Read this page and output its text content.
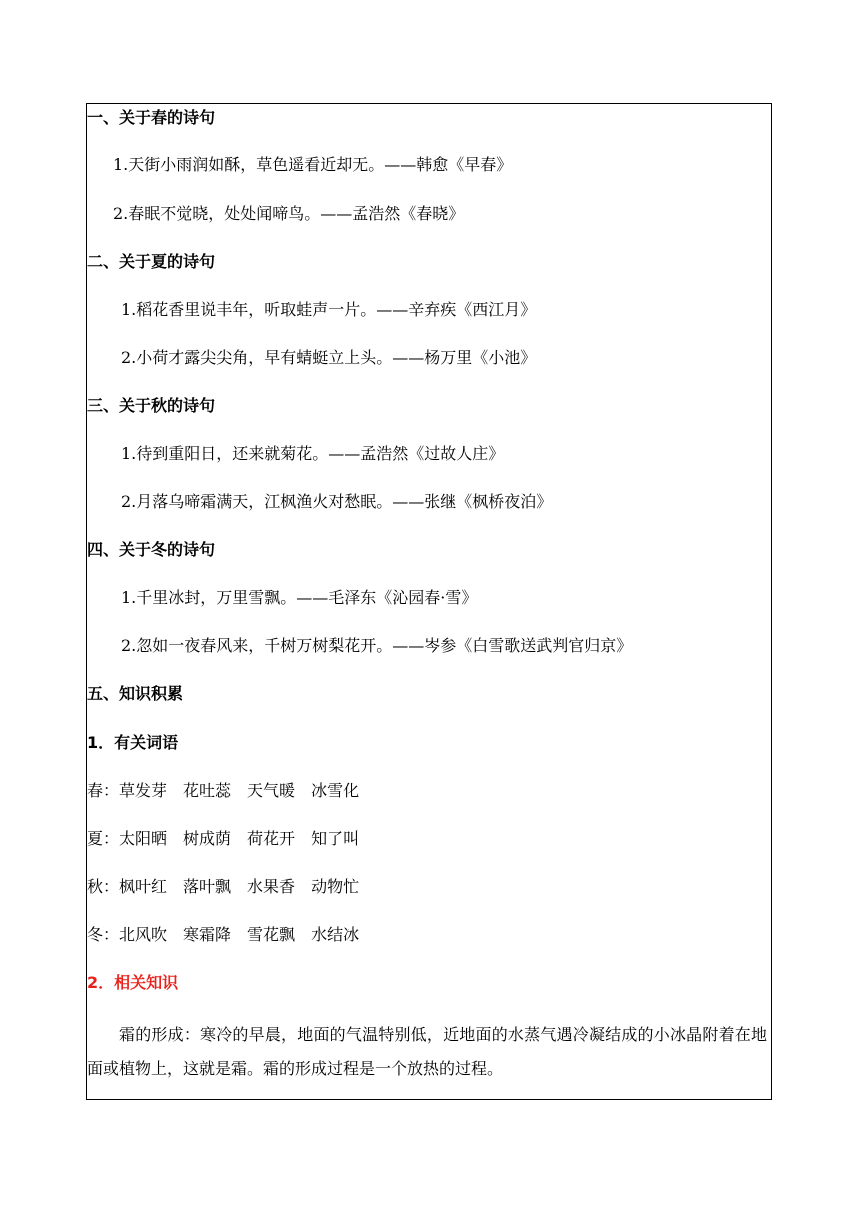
一、关于春的诗句
1.天街小雨润如酥，草色遥看近却无。——韩愈《早春》
2.春眠不觉晓，处处闻啼鸟。——孟浩然《春晓》
二、关于夏的诗句
1.稻花香里说丰年，听取蛙声一片。——辛弃疾《西江月》
2.小荷才露尖尖角，早有蜻蜓立上头。——杨万里《小池》
三、关于秋的诗句
1.待到重阳日，还来就菊花。——孟浩然《过故人庄》
2.月落乌啼霜满天，江枫渔火对愁眠。——张继《枫桥夜泊》
四、关于冬的诗句
1.千里冰封，万里雪飘。——毛泽东《沁园春·雪》
2.忽如一夜春风来，千树万树梨花开。——岑参《白雪歌送武判官归京》
五、知识积累
1．有关词语
春：草发芽 花吐蕊 天气暖 冰雪化
夏：太阳晒 树成荫 荷花开 知了叫
秋：枫叶红 落叶飘 水果香 动物忙
冬：北风吹 寒霜降 雪花飘 水结冰
2．相关知识
霜的形成：寒冷的早晨，地面的气温特别低，近地面的水蒸气遇冷凝结成的小冰晶附着在地面或植物上，这就是霜。霜的形成过程是一个放热的过程。
